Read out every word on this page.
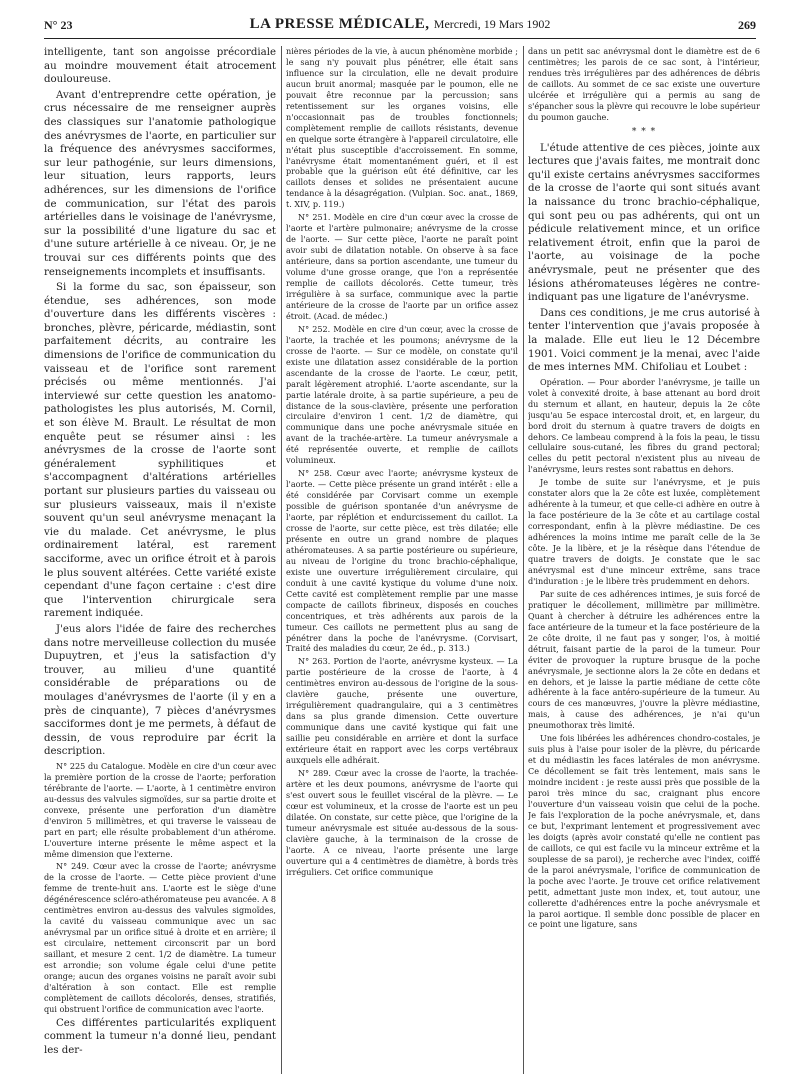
N° 23	LA PRESSE MÉDICALE, Mercredi, 19 Mars 1902	269

intelligente, tant son angoisse précordiale au moindre mouvement était atrocement douloureuse.

Avant d'entreprendre cette opération, je crus nécessaire de me renseigner auprès des classiques sur l'anatomie pathologique des anévrysmes de l'aorte, en particulier sur la fréquence des anévrysmes sacciformes, sur leur pathogénie, sur leurs dimensions, leur situation, leurs rapports, leurs adhérences, sur les dimensions de l'orifice de communication, sur l'état des parois artérielles dans le voisinage de l'anévrysme, sur la possibilité d'une ligature du sac et d'une suture artérielle à ce niveau. Or, je ne trouvai sur ces différents points que des renseignements incomplets et insuffisants.

Si la forme du sac, son épaisseur, son étendue, ses adhérences, son mode d'ouverture dans les différents viscères : bronches, plèvre, péricarde, médiastin, sont parfaitement décrits, au contraire les dimensions de l'orifice de communication du vaisseau et de l'orifice sont rarement précisés ou même mentionnés. J'ai interviewé sur cette question les anatomo-pathologistes les plus autorisés, M. Cornil, et son élève M. Brault. Le résultat de mon enquête peut se résumer ainsi : les anévrysmes de la crosse de l'aorte sont généralement syphilitiques et s'accompagnent d'altérations artérielles portant sur plusieurs parties du vaisseau ou sur plusieurs vaisseaux, mais il n'existe souvent qu'un seul anévrysme menaçant la vie du malade. Cet anévrysme, le plus ordinairement latéral, est rarement sacciforme, avec un orifice étroit et à parois le plus souvent altérées. Cette variété existe cependant d'une façon certaine : c'est dire que l'intervention chirurgicale sera rarement indiquée.

J'eus alors l'idée de faire des recherches dans notre merveilleuse collection du musée Dupuytren, et j'eus la satisfaction d'y trouver, au milieu d'une quantité considérable de préparations ou de moulages d'anévrysmes de l'aorte (il y en a près de cinquante), 7 pièces d'anévrysmes sacciformes dont je me permets, à défaut de dessin, de vous reproduire par écrit la description.

N° 225 du Catalogue. Modèle en cire d'un cœur avec la première portion de la crosse de l'aorte; perforation térébrante de l'aorte. — L'aorte, à 1 centimètre environ au-dessus des valvules sigmoïdes, sur sa partie droite et convexe, présente une perforation d'un diamètre d'environ 5 millimètres, et qui traverse le vaisseau de part en part; elle résulte probablement d'un athérome. L'ouverture interne présente le même aspect et la même dimension que l'externe.

N° 249. Cœur avec la crosse de l'aorte; anévrysme de la crosse de l'aorte. — Cette pièce provient d'une femme de trente-huit ans. L'aorte est le siège d'une dégénérescence scléro-athéromateuse peu avancée. A 8 centimètres environ au-dessus des valvules sigmoïdes, la cavité du vaisseau communique avec un sac anévrysmal par un orifice situé à droite et en arrière; il est circulaire, nettement circonscrit par un bord saillant, et mesure 2 cent. 1/2 de diamètre. La tumeur est arrondie; son volume égale celui d'une petite orange; aucun des organes voisins ne paraît avoir subi d'altération à son contact. Elle est remplie complètement de caillots décolorés, denses, stratifiés, qui obstruent l'orifice de communication avec l'aorte.

Ces différentes particularités expliquent comment la tumeur n'a donné lieu, pendant les der-

nières périodes de la vie, à aucun phénomène morbide ; le sang n'y pouvait plus pénétrer, elle était sans influence sur la circulation, elle ne devait produire aucun bruit anormal; masquée par le poumon, elle ne pouvait être reconnue par la percussion; sans retentissement sur les organes voisins, elle n'occasionnait pas de troubles fonctionnels; complètement remplie de caillots résistants, devenue en quelque sorte étrangère à l'appareil circulatoire, elle n'était plus susceptible d'accroissement. En somme, l'anévrysme était momentanément guéri, et il est probable que la guérison eût été définitive, car les caillots denses et solides ne présentaient aucune tendance à la désagrégation. (Vulpian. Soc. anat., 1869, t. XIV, p. 119.)

N° 251. Modèle en cire d'un cœur avec la crosse de l'aorte et l'artère pulmonaire; anévrysme de la crosse de l'aorte. — Sur cette pièce, l'aorte ne paraît point avoir subi de dilatation notable. On observe à sa face antérieure, dans sa portion ascendante, une tumeur du volume d'une grosse orange, que l'on a représentée remplie de caillots décolorés. Cette tumeur, très irrégulière à sa surface, communique avec la partie antérieure de la crosse de l'aorte par un orifice assez étroit. (Acad. de médec.)

N° 252. Modèle en cire d'un cœur, avec la crosse de l'aorte, la trachée et les poumons; anévrysme de la crosse de l'aorte. — Sur ce modèle, on constate qu'il existe une dilatation assez considérable de la portion ascendante de la crosse de l'aorte. Le cœur, petit, paraît légèrement atrophié. L'aorte ascendante, sur la partie latérale droite, à sa partie supérieure, a peu de distance de la sous-clavière, présente une perforation circulaire d'environ 1 cent. 1/2 de diamètre, qui communique dans une poche anévrysmale située en avant de la trachée-artère. La tumeur anévrysmale a été représentée ouverte, et remplie de caillots volumineux.

N° 258. Cœur avec l'aorte; anévrysme kysteux de l'aorte. — Cette pièce présente un grand intérêt : elle a été considérée par Corvisart comme un exemple possible de guérison spontanée d'un anévrysme de l'aorte, par réplétion et endurcissement du caillot. La crosse de l'aorte, sur cette pièce, est très dilatée; elle présente en outre un grand nombre de plaques athéromateuses. A sa partie postérieure ou supérieure, au niveau de l'origine du tronc brachio-céphalique, existe une ouverture irrégulièrement circulaire, qui conduit à une cavité kystique du volume d'une noix. Cette cavité est complètement remplie par une masse compacte de caillots fibrineux, disposés en couches concentriques, et très adhérents aux parois de la tumeur. Ces caillots ne permettent plus au sang de pénétrer dans la poche de l'anévrysme. (Corvisart, Traité des maladies du cœur, 2e éd., p. 313.)

N° 263. Portion de l'aorte, anévrysme kysteux. — La partie postérieure de la crosse de l'aorte, à 4 centimètres environ au-dessous de l'origine de la sous-clavière gauche, présente une ouverture, irrégulièrement quadrangulaire, qui a 3 centimètres dans sa plus grande dimension. Cette ouverture communique dans une cavité kystique qui fait une saillie peu considérable en arrière et dont la surface extérieure était en rapport avec les corps vertébraux auxquels elle adhérait.

N° 289. Cœur avec la crosse de l'aorte, la trachée-artère et les deux poumons, anévrysme de l'aorte qui s'est ouvert sous le feuillet viscéral de la plèvre. — Le cœur est volumineux, et la crosse de l'aorte est un peu dilatée. On constate, sur cette pièce, que l'origine de la tumeur anévrysmale est située au-dessous de la sous-clavière gauche, à la terminaison de la crosse de l'aorte. A ce niveau, l'aorte présente une large ouverture qui a 4 centimètres de diamètre, à bords très irréguliers. Cet orifice communique

dans un petit sac anévrysmal dont le diamètre est de 6 centimètres; les parois de ce sac sont, à l'intérieur, rendues très irrégulières par des adhérences de débris de caillots. Au sommet de ce sac existe une ouverture ulcérée et irrégulière qui a permis au sang de s'épancher sous la plèvre qui recouvre le lobe supérieur du poumon gauche.

* * *

L'étude attentive de ces pièces, jointe aux lectures que j'avais faites, me montrait donc qu'il existe certains anévrysmes sacciformes de la crosse de l'aorte qui sont situés avant la naissance du tronc brachio-céphalique, qui sont peu ou pas adhérents, qui ont un pédicule relativement mince, et un orifice relativement étroit, enfin que la paroi de l'aorte, au voisinage de la poche anévrysmale, peut ne présenter que des lésions athéromateuses légères ne contre-indiquant pas une ligature de l'anévrysme.

Dans ces conditions, je me crus autorisé à tenter l'intervention que j'avais proposée à la malade. Elle eut lieu le 12 Décembre 1901. Voici comment je la menai, avec l'aide de mes internes MM. Chifoliau et Loubet :

Opération. — Pour aborder l'anévrysme, je taille un volet à convexité droite, à base attenant au bord droit du sternum et allant, en hauteur, depuis la 2e côte jusqu'au 5e espace intercostal droit, et, en largeur, du bord droit du sternum à quatre travers de doigts en dehors. Ce lambeau comprend à la fois la peau, le tissu cellulaire sous-cutané, les fibres du grand pectoral; celles du petit pectoral n'existent plus au niveau de l'anévrysme, leurs restes sont rabattus en dehors.

Je tombe de suite sur l'anévrysme, et je puis constater alors que la 2e côte est luxée, complètement adhérente à la tumeur, et que celle-ci adhère en outre à la face postérieure de la 3e côte et au cartilage costal correspondant, enfin à la plèvre médiastine. De ces adhérences la moins intime me paraît celle de la 3e côte. Je la libère, et je la résèque dans l'étendue de quatre travers de doigts. Je constate que le sac anévrysmal est d'une minceur extrême, sans trace d'induration : je le libère très prudemment en dehors.

Par suite de ces adhérences intimes, je suis forcé de pratiquer le décollement, millimètre par millimètre. Quant à chercher à détruire les adhérences entre la face antérieure de la tumeur et la face postérieure de la 2e côte droite, il ne faut pas y songer, l'os, à moitié détruit, faisant partie de la paroi de la tumeur. Pour éviter de provoquer la rupture brusque de la poche anévrysmale, je sectionne alors la 2e côte en dedans et en dehors, et je laisse la partie médiane de cette côte adhérente à la face antéro-supérieure de la tumeur. Au cours de ces manœuvres, j'ouvre la plèvre médiastine, mais, à cause des adhérences, je n'ai qu'un pneumothorax très limité.

Une fois libérées les adhérences chondro-costales, je suis plus à l'aise pour isoler de la plèvre, du péricarde et du médiastin les faces latérales de mon anévrysme. Ce décollement se fait très lentement, mais sans le moindre incident : je reste aussi près que possible de la paroi très mince du sac, craignant plus encore l'ouverture d'un vaisseau voisin que celui de la poche. Je fais l'exploration de la poche anévrysmale, et, dans ce but, l'exprimant lentement et progressivement avec les doigts (après avoir constaté qu'elle ne contient pas de caillots, ce qui est facile vu la minceur extrême et la souplesse de sa paroi), je recherche avec l'index, coiffé de la paroi anévrysmale, l'orifice de communication de la poche avec l'aorte. Je trouve cet orifice relativement petit, admettant juste mon index, et, tout autour, une collerette d'adhérences entre la poche anévrysmale et la paroi aortique. Il semble donc possible de placer en ce point une ligature, sans
